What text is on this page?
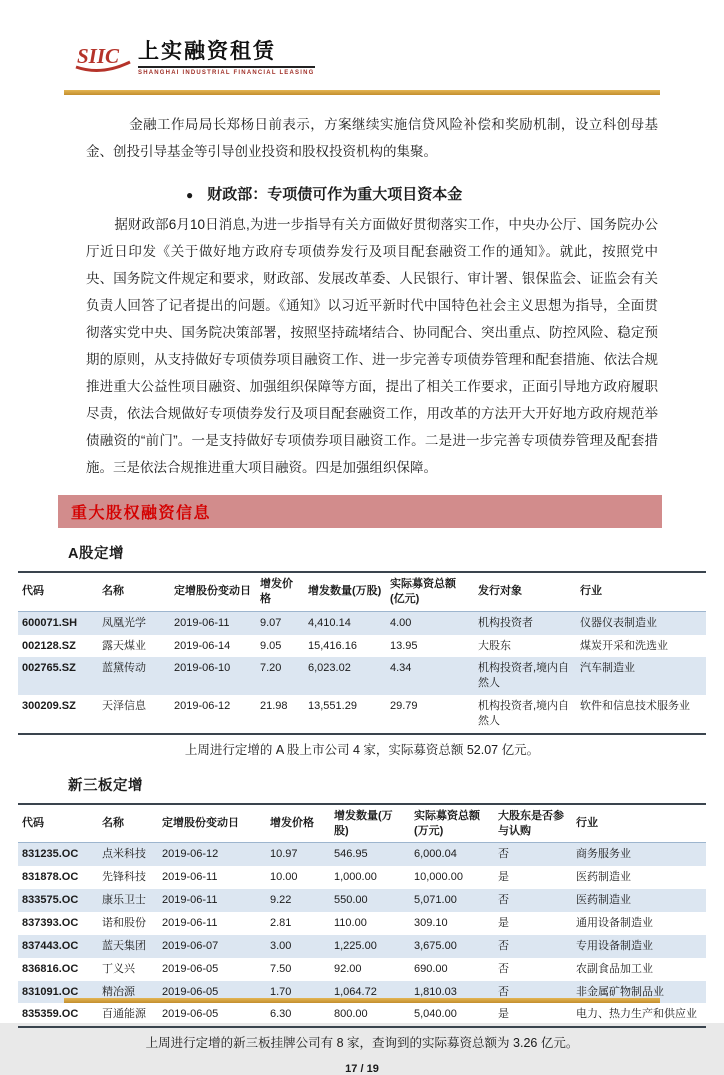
SIIC 上实融资租赁
SHANGHAI INDUSTRIAL FINANCIAL LEASING

金融工作局局长郑杨日前表示，方案继续实施信贷风险补偿和奖励机制，设立科创母基金、创投引导基金等引导创业投资和股权投资机构的集聚。

● 财政部：专项债可作为重大项目资本金

据财政部6月10日消息,为进一步指导有关方面做好贯彻落实工作，中央办公厅、国务院办公厅近日印发《关于做好地方政府专项债券发行及项目配套融资工作的通知》。就此，按照党中央、国务院文件规定和要求，财政部、发展改革委、人民银行、审计署、银保监会、证监会有关负责人回答了记者提出的问题。《通知》以习近平新时代中国特色社会主义思想为指导，全面贯彻落实党中央、国务院决策部署，按照坚持疏堵结合、协同配合、突出重点、防控风险、稳定预期的原则，从支持做好专项债券项目融资工作、进一步完善专项债券管理和配套措施、依法合规推进重大公益性项目融资、加强组织保障等方面，提出了相关工作要求，正面引导地方政府履职尽责，依法合规做好专项债券发行及项目配套融资工作，用改革的方法开大开好地方政府规范举债融资的“前门”。一是支持做好专项债券项目融资工作。二是进一步完善专项债券管理及配套措施。三是依法合规推进重大项目融资。四是加强组织保障。

重大股权融资信息
A股定增
代码	名称	定增股份变动日	增发价格	增发数量(万股)	实际募资总额(亿元)	发行对象	行业
600071.SH	凤凰光学	2019-06-11	9.07	4,410.14	4.00	机构投资者	仪器仪表制造业
002128.SZ	露天煤业	2019-06-14	9.05	15,416.16	13.95	大股东	煤炭开采和洗选业
002765.SZ	蓝黛传动	2019-06-10	7.20	6,023.02	4.34	机构投资者,境内自然人	汽车制造业
300209.SZ	天泽信息	2019-06-12	21.98	13,551.29	29.79	机构投资者,境内自然人	软件和信息技术服务业

上周进行定增的 A 股上市公司 4 家，实际募资总额 52.07 亿元。

新三板定增
代码	名称	定增股份变动日	增发价格	增发数量(万股)	实际募资总额(万元)	大股东是否参与认购	行业
831235.OC	点米科技	2019-06-12	10.97	546.95	6,000.04	否	商务服务业
831878.OC	先锋科技	2019-06-11	10.00	1,000.00	10,000.00	是	医药制造业
833575.OC	康乐卫士	2019-06-11	9.22	550.00	5,071.00	否	医药制造业
837393.OC	诺和股份	2019-06-11	2.81	110.00	309.10	是	通用设备制造业
837443.OC	蓝天集团	2019-06-07	3.00	1,225.00	3,675.00	否	专用设备制造业
836816.OC	丁义兴	2019-06-05	7.50	92.00	690.00	否	农副食品加工业
831091.OC	精冶源	2019-06-05	1.70	1,064.72	1,810.03	否	非金属矿物制品业
835359.OC	百通能源	2019-06-05	6.30	800.00	5,040.00	是	电力、热力生产和供应业

上周进行定增的新三板挂牌公司有 8 家，查询到的实际募资总额为 3.26 亿元。

17 / 19
